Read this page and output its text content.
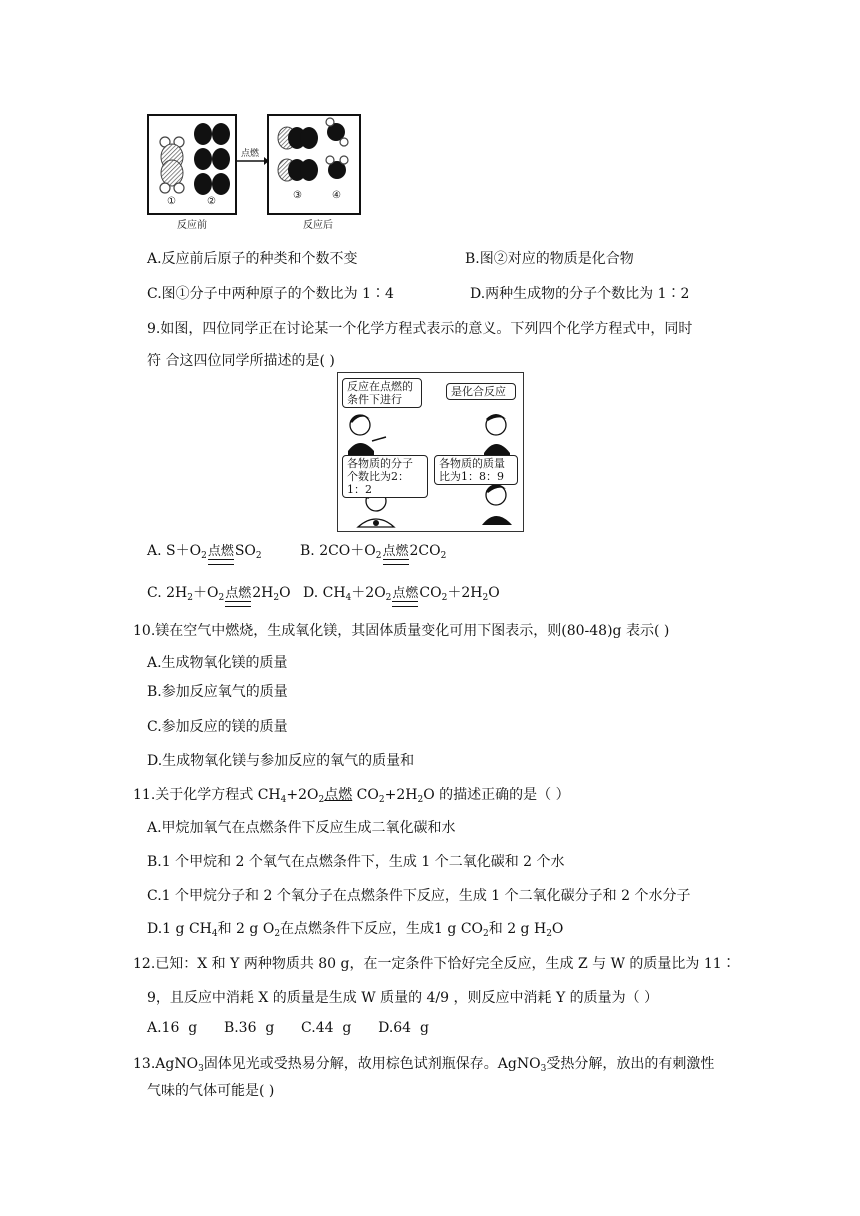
点燃
①	②
③	④
反应前	反应后
A.反应前后原子的种类和个数不变	B.图②对应的物质是化合物
C.图①分子中两种原子的个数比为 1∶4	D.两种生成物的分子个数比为 1∶2
9.如图，四位同学正在讨论某一个化学方程式表示的意义。下列四个化学方程式中，同时
符 合这四位同学所描述的是( )
反应在点燃的条件下进行
是化合反应
各物质的分子个数比为2：1：2
各物质的质量比为1：8：9
A. $S+O_2$ 点燃 $SO_2$	B. $2CO+O_2$ 点燃 $2CO_2$
C. $2H_2+O_2$ 点燃 $2H_2O$ D. $CH_4+2O_2$ 点燃 $CO_2+2H_2O$
10.镁在空气中燃烧，生成氧化镁，其固体质量变化可用下图表示，则(80-48)g 表示( )
A.生成物氧化镁的质量
B.参加反应氧气的质量
C.参加反应的镁的质量
D.生成物氧化镁与参加反应的氧气的质量和
11.关于化学方程式 $CH_4+2O_2$点燃 $CO_2+2H_2O$ 的描述正确的是（ ）
A.甲烷加氧气在点燃条件下反应生成二氧化碳和水
B.1 个甲烷和 2 个氧气在点燃条件下，生成 1 个二氧化碳和 2 个水
C.1 个甲烷分子和 2 个氧分子在点燃条件下反应，生成 1 个二氧化碳分子和 2 个水分子
D.1 g $CH_4$和 2 g $O_2$在点燃条件下反应，生成1 g $CO_2$和 2 g $H_2O$
12.已知：X 和 Y 两种物质共 80 g，在一定条件下恰好完全反应，生成 Z 与 W 的质量比为 11∶
9，且反应中消耗 X 的质量是生成 W 质量的 4/9 ，则反应中消耗 Y 的质量为（ ）
A.16  g      B.36  g      C.44  g      D.64  g
13.AgNO$_3$固体见光或受热易分解，故用棕色试剂瓶保存。AgNO$_3$受热分解，放出的有刺激性
气味的气体可能是( )
